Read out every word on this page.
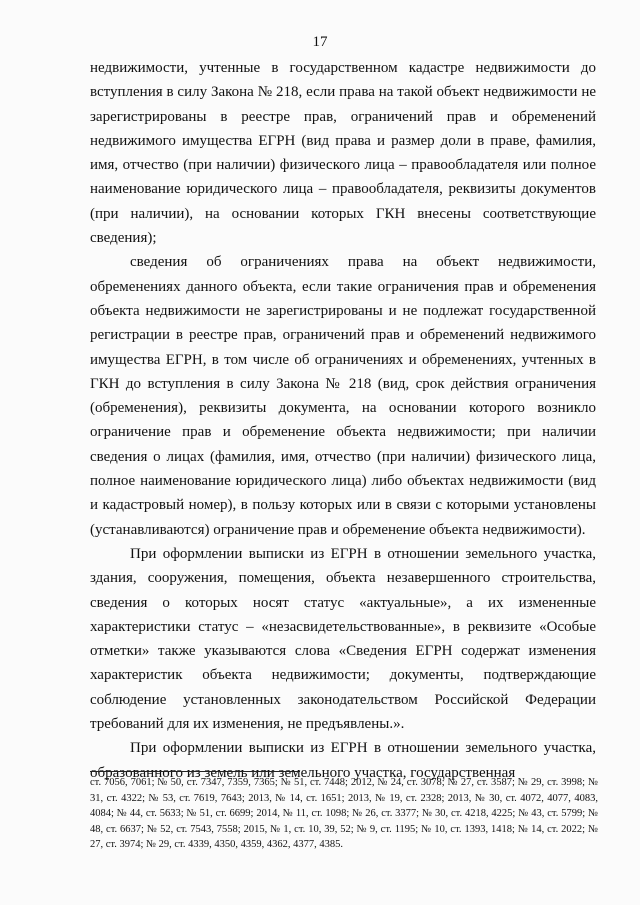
17

недвижимости, учтенные в государственном кадастре недвижимости до вступления в силу Закона № 218, если права на такой объект недвижимости не зарегистрированы в реестре прав, ограничений прав и обременений недвижимого имущества ЕГРН (вид права и размер доли в праве, фамилия, имя, отчество (при наличии) физического лица – правообладателя или полное наименование юридического лица – правообладателя, реквизиты документов (при наличии), на основании которых ГКН внесены соответствующие сведения);

сведения об ограничениях права на объект недвижимости, обременениях данного объекта, если такие ограничения прав и обременения объекта недвижимости не зарегистрированы и не подлежат государственной регистрации в реестре прав, ограничений прав и обременений недвижимого имущества ЕГРН, в том числе об ограничениях и обременениях, учтенных в ГКН до вступления в силу Закона № 218 (вид, срок действия ограничения (обременения), реквизиты документа, на основании которого возникло ограничение прав и обременение объекта недвижимости; при наличии сведения о лицах (фамилия, имя, отчество (при наличии) физического лица, полное наименование юридического лица) либо объектах недвижимости (вид и кадастровый номер), в пользу которых или в связи с которыми установлены (устанавливаются) ограничение прав и обременение объекта недвижимости).

При оформлении выписки из ЕГРН в отношении земельного участка, здания, сооружения, помещения, объекта незавершенного строительства, сведения о которых носят статус «актуальные», а их измененные характеристики статус – «незасвидетельствованные», в реквизите «Особые отметки» также указываются слова «Сведения ЕГРН содержат изменения характеристик объекта недвижимости; документы, подтверждающие соблюдение установленных законодательством Российской Федерации требований для их изменения, не предъявлены.».

При оформлении выписки из ЕГРН в отношении земельного участка, образованного из земель или земельного участка, государственная

ст. 7056, 7061; № 50, ст. 7347, 7359, 7365; № 51, ст. 7448; 2012, № 24, ст. 3078; № 27, ст. 3587; № 29, ст. 3998; № 31, ст. 4322; № 53, ст. 7619, 7643; 2013, № 14, ст. 1651; 2013, № 19, ст. 2328; 2013, № 30, ст. 4072, 4077, 4083, 4084; № 44, ст. 5633; № 51, ст. 6699; 2014, № 11, ст. 1098; № 26, ст. 3377; № 30, ст. 4218, 4225; № 43, ст. 5799; № 48, ст. 6637; № 52, ст. 7543, 7558; 2015, № 1, ст. 10, 39, 52; № 9, ст. 1195; № 10, ст. 1393, 1418; № 14, ст. 2022; № 27, ст. 3974; № 29, ст. 4339, 4350, 4359, 4362, 4377, 4385.
